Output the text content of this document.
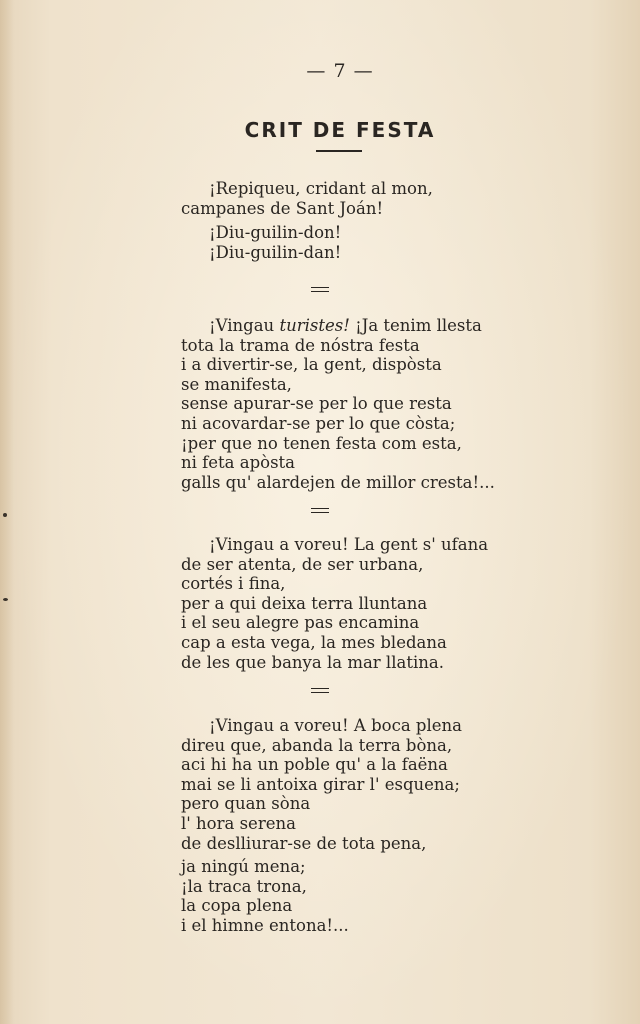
— 7 —
CRIT DE FESTA
¡Repiqueu, cridant al mon,
campanes de Sant Joán!
¡Diu-guilin-don!
¡Diu-guilin-dan!
¡Vingau turistes! ¡Ja tenim llesta
tota la trama de nóstra festa
i a divertir-se, la gent, dispòsta
se manifesta,
sense apurar-se per lo que resta
ni acovardar-se per lo que còsta;
¡per que no tenen festa com esta,
ni feta apòsta
galls qu' alardejen de millor cresta!...
¡Vingau a voreu! La gent s' ufana
de ser atenta, de ser urbana,
cortés i fina,
per a qui deixa terra lluntana
i el seu alegre pas encamina
cap a esta vega, la mes bledana
de les que banya la mar llatina.
¡Vingau a voreu! A boca plena
direu que, abanda la terra bòna,
aci hi ha un poble qu' a la faëna
mai se li antoixa girar l' esquena;
pero quan sòna
l' hora serena
de deslliurar-se de tota pena,
ja ningú mena;
¡la traca trona,
la copa plena
i el himne entona!...
